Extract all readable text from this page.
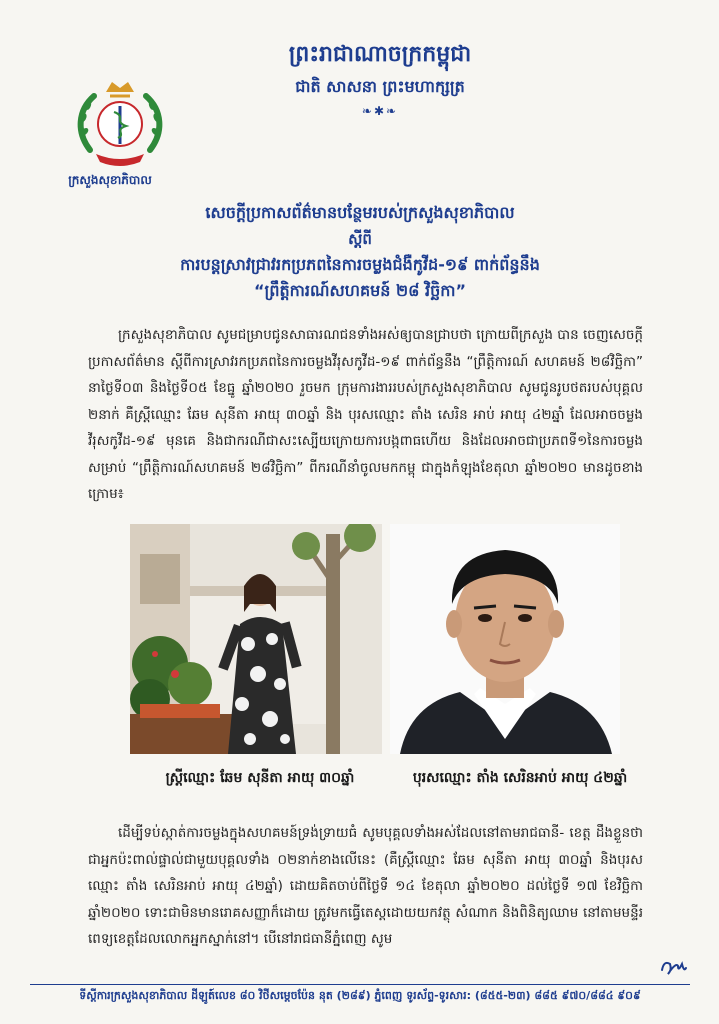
ក្រសួងសុខាភិបាល
ព្រះរាជាណាចក្រកម្ពុជា
ជាតិ សាសនា ព្រះមហាក្សត្រ
❧✱❧
សេចក្តីប្រកាសព័ត៌មានបន្ថែមរបស់ក្រសួងសុខាភិបាល
ស្តីពី
ការបន្តស្រាវជ្រាវរកប្រភពនៃការចម្លងជំងឺកូវីដ-១៩ ពាក់ព័ន្ធនឹង
“ព្រឹត្តិការណ៍សហគមន៍ ២៨ វិច្ឆិកា”
ក្រសួងសុខាភិបាល សូមជម្រាបជូនសាធារណជនទាំងអស់ឲ្យបានជ្រាបថា ក្រោយពីក្រសួង បាន ចេញសេចក្តីប្រកាសព័ត៌មាន ស្តីពីការស្រាវរកប្រភពនៃការចម្លងវីរុសកូវីដ-១៩ ពាក់ព័ន្ធនឹង “ព្រឹត្តិការណ៍ សហគមន៍ ២៨វិច្ឆិកា” នាថ្ងៃទី០៣ និងថ្ងៃទី០៥ ខែធ្នូ ឆ្នាំ២០២០ រួចមក ក្រុមការងាររបស់ក្រសួងសុខាភិបាល សូមជូនរូបថតរបស់បុគ្គល ២នាក់ គឺស្ត្រីឈ្មោះ ឆែម សុនីតា អាយុ ៣០ឆ្នាំ និង បុរសឈ្មោះ តាំង សេរិន អាប់ អាយុ ៤២ឆ្នាំ ដែលអាចចម្លងវីរុសកូវីដ-១៩ មុនគេ និងជាករណីជាសះស្បើយក្រោយការបង្កពាធហើយ និងដែលអាចជាប្រភពទី១នៃការចម្លងសម្រាប់ “ព្រឹត្តិការណ៍សហគមន៍ ២៨វិច្ឆិកា” ពីករណីនាំចូលមកកម្ពុ ជាក្នុងកំឡុងខែតុលា ឆ្នាំ២០២០ មានដូចខាងក្រោម៖
ស្ត្រីឈ្មោះ ឆែម សុនីតា អាយុ ៣០ឆ្នាំ	បុរសឈ្មោះ តាំង សេរិនអាប់ អាយុ ៤២ឆ្នាំ
ដើម្បីទប់ស្កាត់ការចម្លងក្នុងសហគមន៍ទ្រង់ទ្រាយធំ សូមបុគ្គលទាំងអស់ដែលនៅតាមរាជធានី- ខេត្ត ដឹងខ្លួនថាជាអ្នកប៉ះពាល់ផ្ទាល់ជាមួយបុគ្គលទាំង ០២នាក់ខាងលើនេះ (គឺស្ត្រីឈ្មោះ ឆែម សុនីតា អាយុ ៣០ឆ្នាំ និងបុរសឈ្មោះ តាំង សេរិនអាប់ អាយុ ៤២ឆ្នាំ) ដោយគិតចាប់ពីថ្ងៃទី ១៤ ខែតុលា ឆ្នាំ២០២០ ដល់ថ្ងៃទី ១៧ ខែវិច្ឆិកា ឆ្នាំ២០២០ ទោះជាមិនមានរោគសញ្ញាក៏ដោយ ត្រូវមកធ្វើតេស្តដោយយកវត្ថុ សំណាក និងពិនិត្យឈាម នៅតាមមន្ទីរពេទ្យខេត្តដែលលោកអ្នកស្នាក់នៅ។ បើនៅរាជធានីភ្នំពេញ សូម
ទីស្តីការក្រសួងសុខាភិបាល ដីឡូត៍លេខ ៨០ វិថីសម្តេចប៉ែន នុត (២៨៩) ភ្នំពេញ ទូរស័ព្ទ-ទូរសារ: (៨៥៥-២៣) ៨៨៥ ៩៧០/៨៨៤ ៩០៩
